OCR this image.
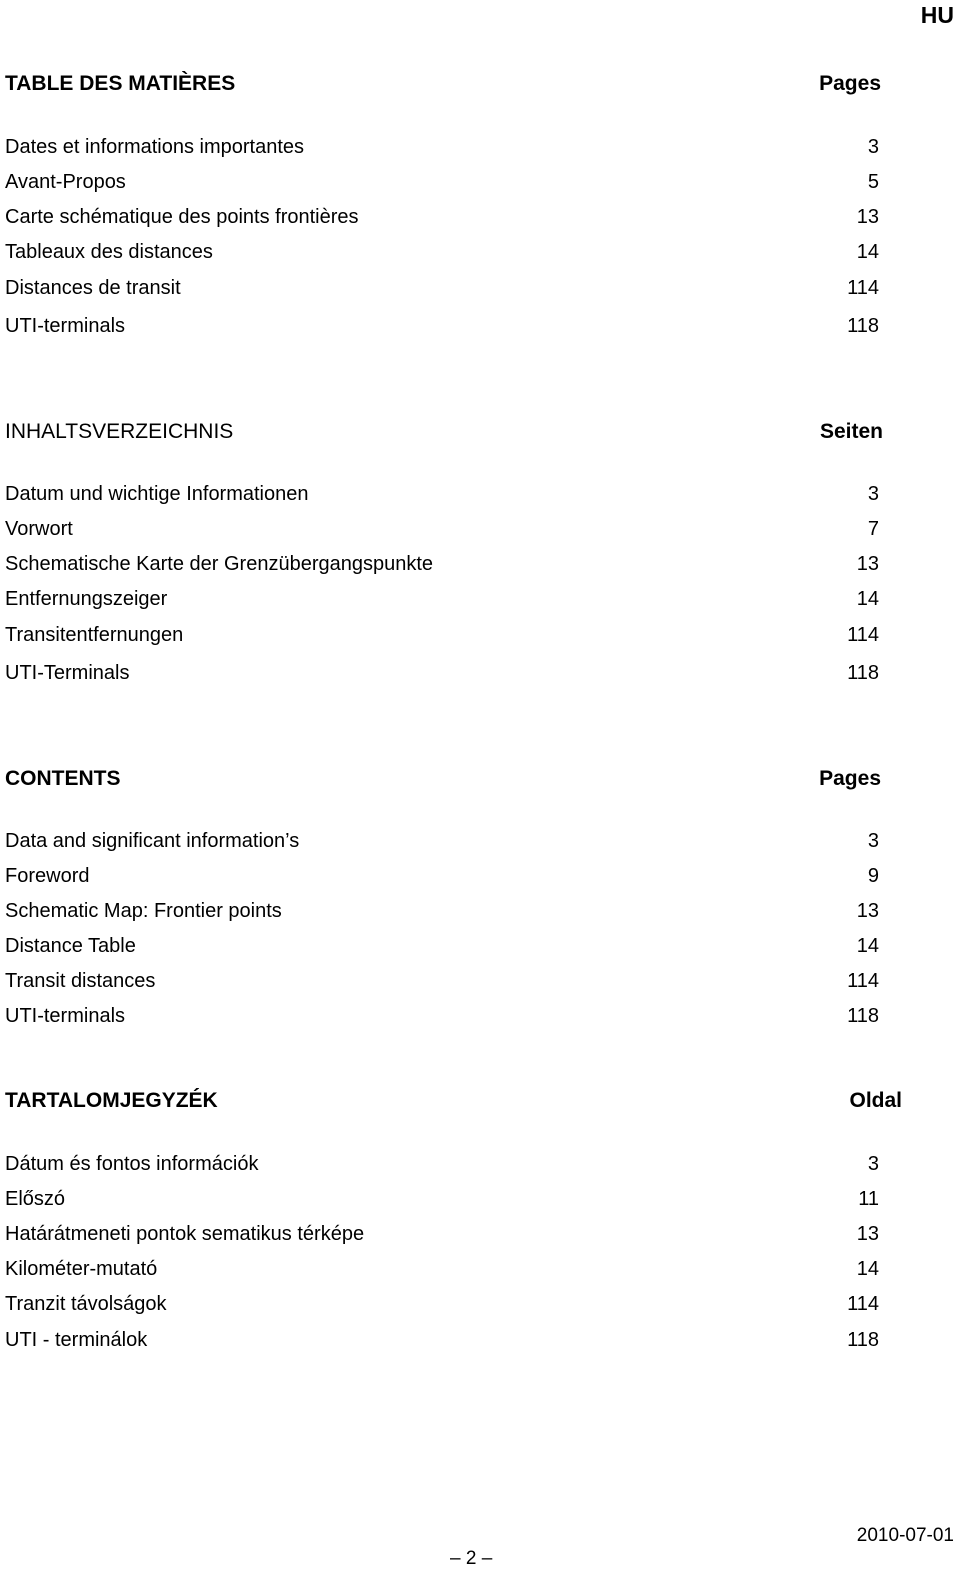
HU
TABLE DES MATIÈRES	Pages
Dates et informations importantes	3
Avant-Propos	5
Carte schématique des points frontières	13
Tableaux des distances	14
Distances de transit	114
UTI-terminals	118
INHALTSVERZEICHNIS	Seiten
Datum und wichtige Informationen	3
Vorwort	7
Schematische Karte der Grenzübergangspunkte	13
Entfernungszeiger	14
Transitentfernungen	114
UTI-Terminals	118
CONTENTS	Pages
Data and significant information’s	3
Foreword	9
Schematic Map: Frontier points	13
Distance Table	14
Transit distances	114
UTI-terminals	118
TARTALOMJEGYZÉK	Oldal
Dátum és fontos információk	3
Előszó	11
Határátmeneti pontok sematikus térképe	13
Kilométer-mutató	14
Tranzit távolságok	114
UTI - terminálok	118
– 2 –
2010-07-01
